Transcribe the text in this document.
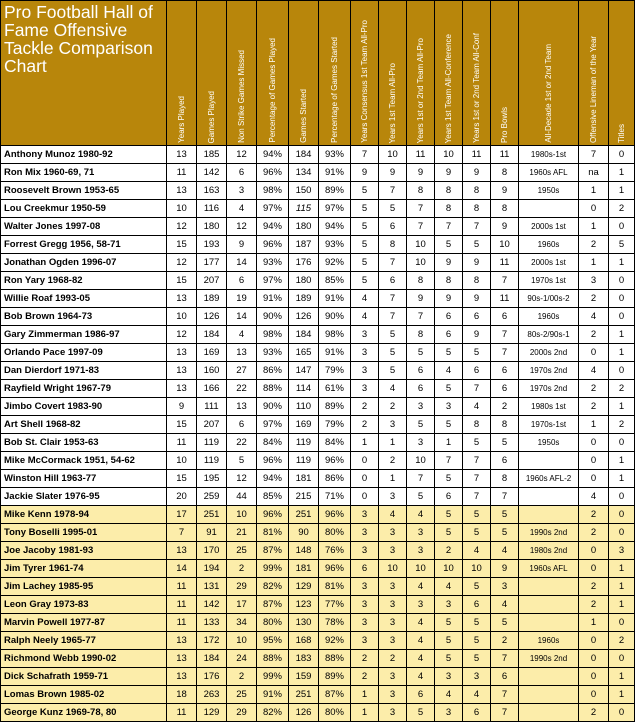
Pro Football Hall of Fame Offensive Tackle Comparison Chart	Years Played	Games Played	Non Strike Games Missed	Percentage of Games Played	Games Started	Percentage of Games Started	Years Consensus 1st Team All-Pro	Years 1st Team All-Pro	Years 1st or 2nd Team All-Pro	Years 1st Team All-Conference	Years 1st or 2nd Team All-Conf	Pro Bowls	All-Decade 1st or 2nd Team	Offensive Lineman of the Year	Titles

Anthony Munoz 1980-92	13	185	12	94%	184	93%	7	10	11	10	11	11	1980s-1st	7	0
Ron Mix 1960-69, 71	11	142	6	96%	134	91%	9	9	9	9	9	8	1960s AFL	na	1
Roosevelt Brown 1953-65	13	163	3	98%	150	89%	5	7	8	8	8	9	1950s	1	1
Lou Creekmur 1950-59	10	116	4	97%	115	97%	5	5	7	8	8	8		0	2
Walter Jones 1997-08	12	180	12	94%	180	94%	5	6	7	7	7	9	2000s 1st	1	0
Forrest Gregg 1956, 58-71	15	193	9	96%	187	93%	5	8	10	5	5	10	1960s	2	5
Jonathan Ogden 1996-07	12	177	14	93%	176	92%	5	7	10	9	9	11	2000s 1st	1	1
Ron Yary 1968-82	15	207	6	97%	180	85%	5	6	8	8	8	7	1970s 1st	3	0
Willie Roaf 1993-05	13	189	19	91%	189	91%	4	7	9	9	9	11	90s-1/00s-2	2	0
Bob Brown 1964-73	10	126	14	90%	126	90%	4	7	7	6	6	6	1960s	4	0
Gary Zimmerman 1986-97	12	184	4	98%	184	98%	3	5	8	6	9	7	80s-2/90s-1	2	1
Orlando Pace 1997-09	13	169	13	93%	165	91%	3	5	5	5	5	7	2000s 2nd	0	1
Dan Dierdorf 1971-83	13	160	27	86%	147	79%	3	5	6	4	6	6	1970s 2nd	4	0
Rayfield Wright 1967-79	13	166	22	88%	114	61%	3	4	6	5	7	6	1970s 2nd	2	2
Jimbo Covert 1983-90	9	111	13	90%	110	89%	2	2	3	3	4	2	1980s 1st	2	1
Art Shell 1968-82	15	207	6	97%	169	79%	2	3	5	5	8	8	1970s-1st	1	2
Bob St. Clair 1953-63	11	119	22	84%	119	84%	1	1	3	1	5	5	1950s	0	0
Mike McCormack 1951, 54-62	10	119	5	96%	119	96%	0	2	10	7	7	6		0	1
Winston Hill 1963-77	15	195	12	94%	181	86%	0	1	7	5	7	8	1960s AFL-2	0	1
Jackie Slater 1976-95	20	259	44	85%	215	71%	0	3	5	6	7	7		4	0
Mike Kenn 1978-94	17	251	10	96%	251	96%	3	4	4	5	5	5		2	0
Tony Boselli 1995-01	7	91	21	81%	90	80%	3	3	3	5	5	5	1990s 2nd	2	0
Joe Jacoby 1981-93	13	170	25	87%	148	76%	3	3	3	2	4	4	1980s 2nd	0	3
Jim Tyrer 1961-74	14	194	2	99%	181	96%	6	10	10	10	10	9	1960s AFL	0	1
Jim Lachey 1985-95	11	131	29	82%	129	81%	3	3	4	4	5	3		2	1
Leon Gray 1973-83	11	142	17	87%	123	77%	3	3	3	3	6	4		2	1
Marvin Powell 1977-87	11	133	34	80%	130	78%	3	3	4	5	5	5		1	0
Ralph Neely 1965-77	13	172	10	95%	168	92%	3	3	4	5	5	2	1960s	0	2
Richmond Webb 1990-02	13	184	24	88%	183	88%	2	2	4	5	5	7	1990s 2nd	0	0
Dick Schafrath 1959-71	13	176	2	99%	159	89%	2	3	4	3	3	6		0	1
Lomas Brown 1985-02	18	263	25	91%	251	87%	1	3	6	4	4	7		0	1
George Kunz 1969-78, 80	11	129	29	82%	126	80%	1	3	5	3	6	7		2	0
